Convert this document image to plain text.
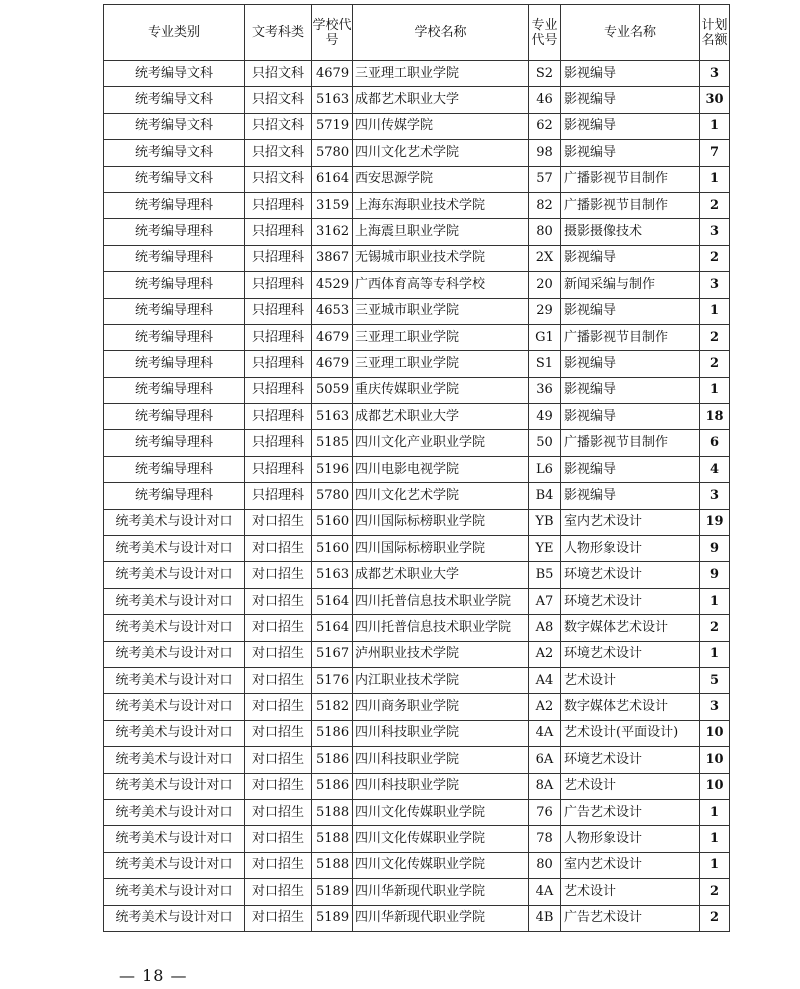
专业类别	文考科类	学校代号	学校名称	专业代号	专业名称	计划名额
统考编导文科	只招文科	4679	三亚理工职业学院	S2	影视编导	3
统考编导文科	只招文科	5163	成都艺术职业大学	46	影视编导	30
统考编导文科	只招文科	5719	四川传媒学院	62	影视编导	1
统考编导文科	只招文科	5780	四川文化艺术学院	98	影视编导	7
统考编导文科	只招文科	6164	西安思源学院	57	广播影视节目制作	1
统考编导理科	只招理科	3159	上海东海职业技术学院	82	广播影视节目制作	2
统考编导理科	只招理科	3162	上海震旦职业学院	80	摄影摄像技术	3
统考编导理科	只招理科	3867	无锡城市职业技术学院	2X	影视编导	2
统考编导理科	只招理科	4529	广西体育高等专科学校	20	新闻采编与制作	3
统考编导理科	只招理科	4653	三亚城市职业学院	29	影视编导	1
统考编导理科	只招理科	4679	三亚理工职业学院	G1	广播影视节目制作	2
统考编导理科	只招理科	4679	三亚理工职业学院	S1	影视编导	2
统考编导理科	只招理科	5059	重庆传媒职业学院	36	影视编导	1
统考编导理科	只招理科	5163	成都艺术职业大学	49	影视编导	18
统考编导理科	只招理科	5185	四川文化产业职业学院	50	广播影视节目制作	6
统考编导理科	只招理科	5196	四川电影电视学院	L6	影视编导	4
统考编导理科	只招理科	5780	四川文化艺术学院	B4	影视编导	3
统考美术与设计对口	对口招生	5160	四川国际标榜职业学院	YB	室内艺术设计	19
统考美术与设计对口	对口招生	5160	四川国际标榜职业学院	YE	人物形象设计	9
统考美术与设计对口	对口招生	5163	成都艺术职业大学	B5	环境艺术设计	9
统考美术与设计对口	对口招生	5164	四川托普信息技术职业学院	A7	环境艺术设计	1
统考美术与设计对口	对口招生	5164	四川托普信息技术职业学院	A8	数字媒体艺术设计	2
统考美术与设计对口	对口招生	5167	泸州职业技术学院	A2	环境艺术设计	1
统考美术与设计对口	对口招生	5176	内江职业技术学院	A4	艺术设计	5
统考美术与设计对口	对口招生	5182	四川商务职业学院	A2	数字媒体艺术设计	3
统考美术与设计对口	对口招生	5186	四川科技职业学院	4A	艺术设计(平面设计)	10
统考美术与设计对口	对口招生	5186	四川科技职业学院	6A	环境艺术设计	10
统考美术与设计对口	对口招生	5186	四川科技职业学院	8A	艺术设计	10
统考美术与设计对口	对口招生	5188	四川文化传媒职业学院	76	广告艺术设计	1
统考美术与设计对口	对口招生	5188	四川文化传媒职业学院	78	人物形象设计	1
统考美术与设计对口	对口招生	5188	四川文化传媒职业学院	80	室内艺术设计	1
统考美术与设计对口	对口招生	5189	四川华新现代职业学院	4A	艺术设计	2
统考美术与设计对口	对口招生	5189	四川华新现代职业学院	4B	广告艺术设计	2
— 18 —
